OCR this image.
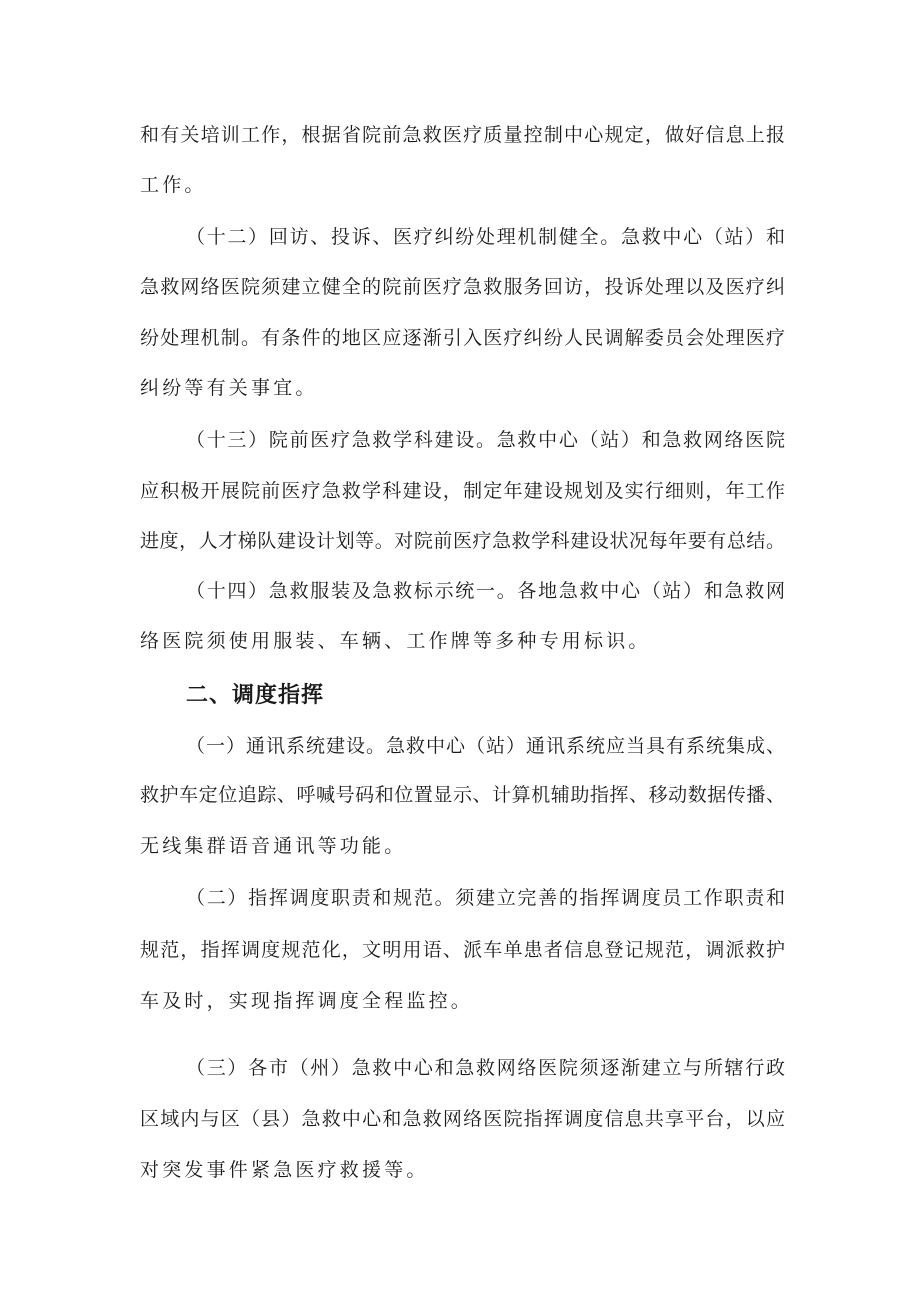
和有关培训工作，根据省院前急救医疗质量控制中心规定，做好信息上报
工作。
（十二）回访、投诉、医疗纠纷处理机制健全。急救中心（站）和
急救网络医院须建立健全的院前医疗急救服务回访，投诉处理以及医疗纠
纷处理机制。有条件的地区应逐渐引入医疗纠纷人民调解委员会处理医疗
纠纷等有关事宜。
（十三）院前医疗急救学科建设。急救中心（站）和急救网络医院
应积极开展院前医疗急救学科建设，制定年建设规划及实行细则，年工作
进度，人才梯队建设计划等。对院前医疗急救学科建设状况每年要有总结。
（十四）急救服装及急救标示统一。各地急救中心（站）和急救网
络医院须使用服装、车辆、工作牌等多种专用标识。
二、调度指挥
（一）通讯系统建设。急救中心（站）通讯系统应当具有系统集成、
救护车定位追踪、呼喊号码和位置显示、计算机辅助指挥、移动数据传播、
无线集群语音通讯等功能。
（二）指挥调度职责和规范。须建立完善的指挥调度员工作职责和
规范，指挥调度规范化，文明用语、派车单患者信息登记规范，调派救护
车及时，实现指挥调度全程监控。
（三）各市（州）急救中心和急救网络医院须逐渐建立与所辖行政
区域内与区（县）急救中心和急救网络医院指挥调度信息共享平台，以应
对突发事件紧急医疗救援等。
